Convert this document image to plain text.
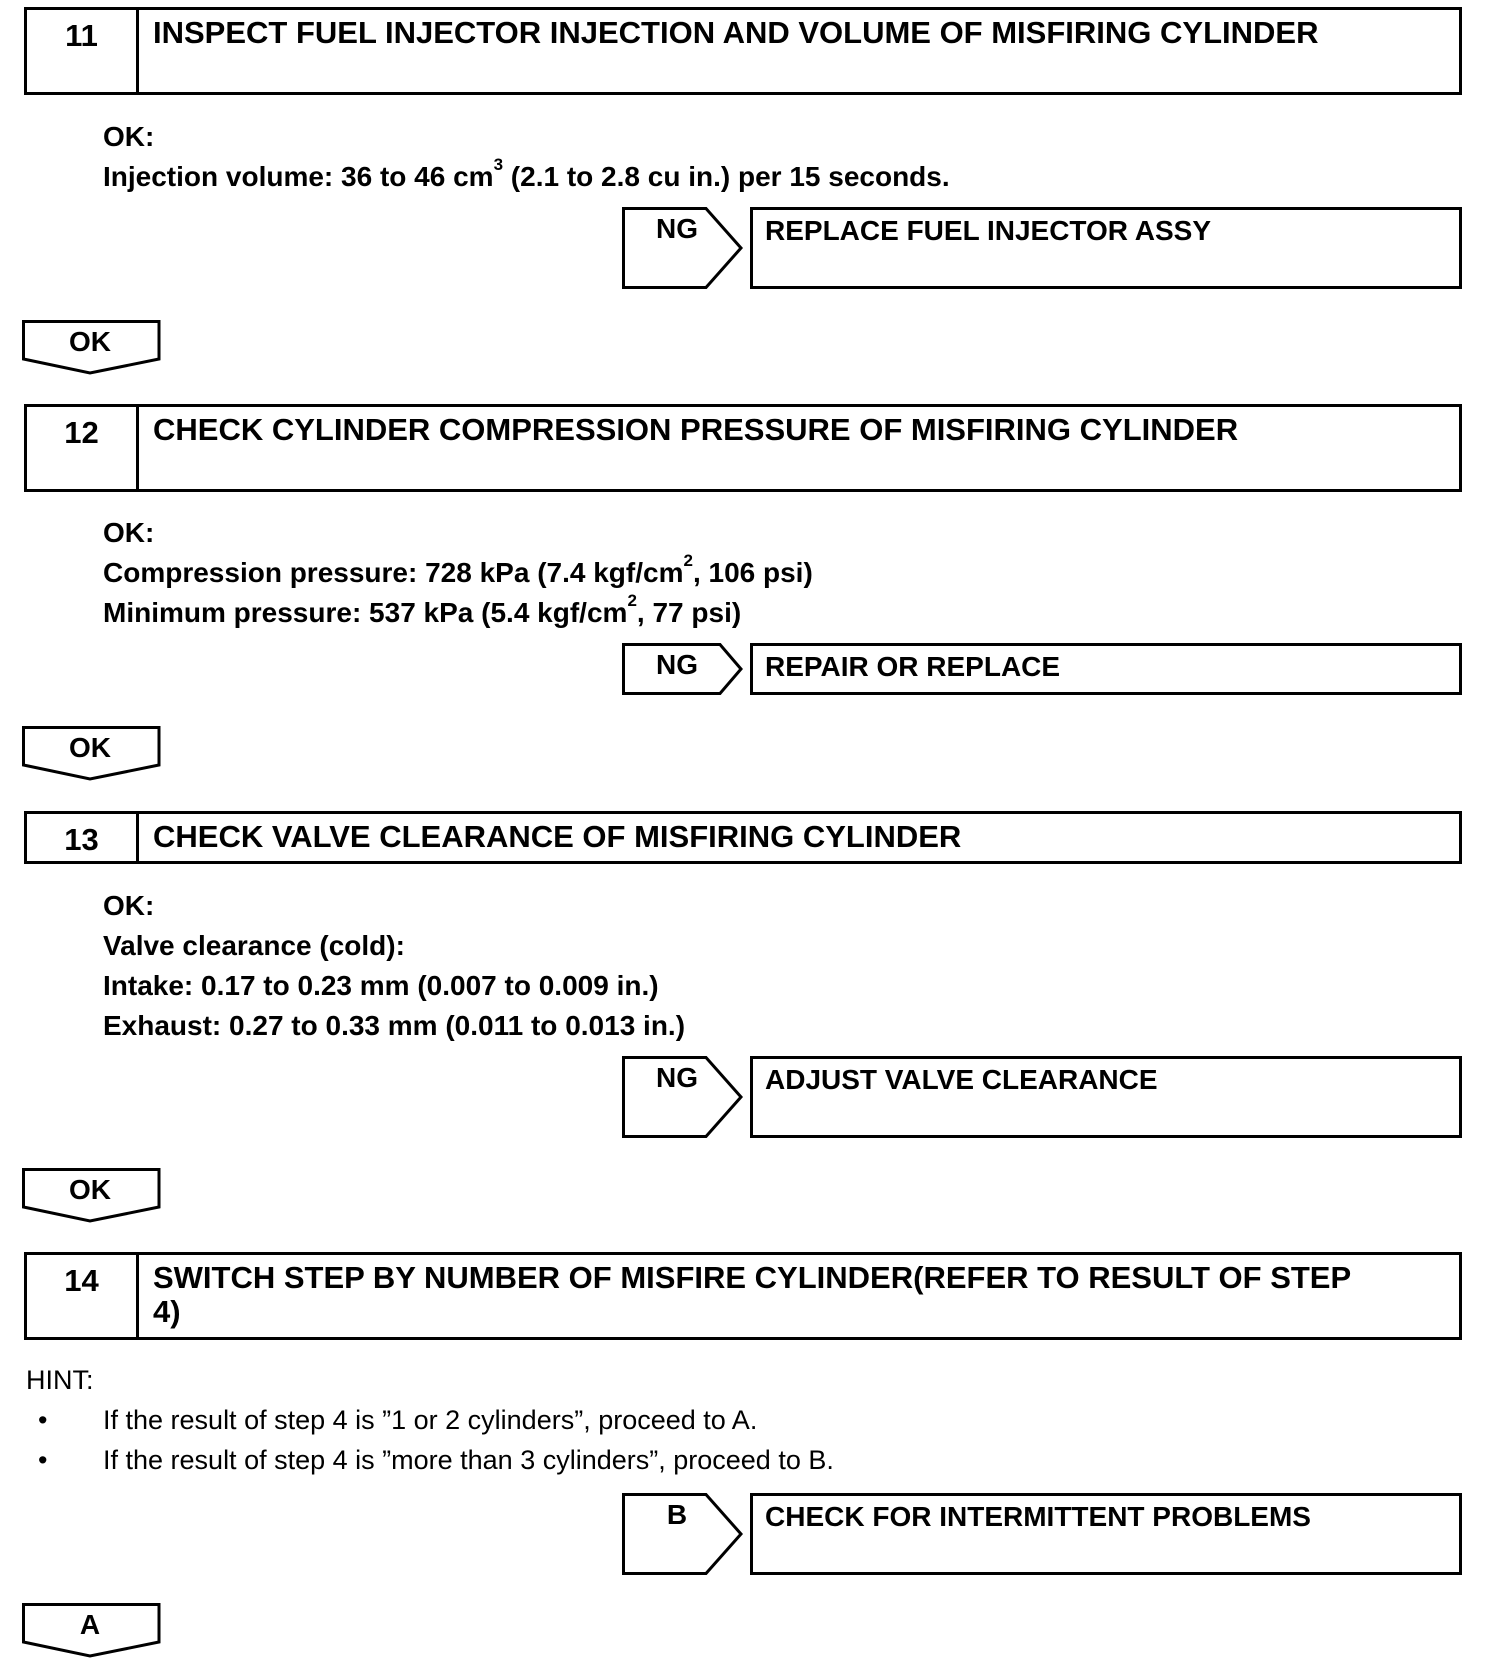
11	INSPECT FUEL INJECTOR INJECTION AND VOLUME OF MISFIRING CYLINDER
OK:
Injection volume: 36 to 46 $cm^3$ (2.1 to 2.8 cu in.) per 15 seconds.
NG	REPLACE FUEL INJECTOR ASSY
OK
12	CHECK CYLINDER COMPRESSION PRESSURE OF MISFIRING CYLINDER
OK:
Compression pressure: 728 kPa (7.4 kgf/$cm^2$, 106 psi)
Minimum pressure: 537 kPa (5.4 kgf/$cm^2$, 77 psi)
NG	REPAIR OR REPLACE
OK
13	CHECK VALVE CLEARANCE OF MISFIRING CYLINDER
OK:
Valve clearance (cold):
Intake: 0.17 to 0.23 mm (0.007 to 0.009 in.)
Exhaust: 0.27 to 0.33 mm (0.011 to 0.013 in.)
NG	ADJUST VALVE CLEARANCE
OK
14	SWITCH STEP BY NUMBER OF MISFIRE CYLINDER(REFER TO RESULT OF STEP
4)
HINT:
• If the result of step 4 is ”1 or 2 cylinders”, proceed to A.
• If the result of step 4 is ”more than 3 cylinders”, proceed to B.
B	CHECK FOR INTERMITTENT PROBLEMS
A
